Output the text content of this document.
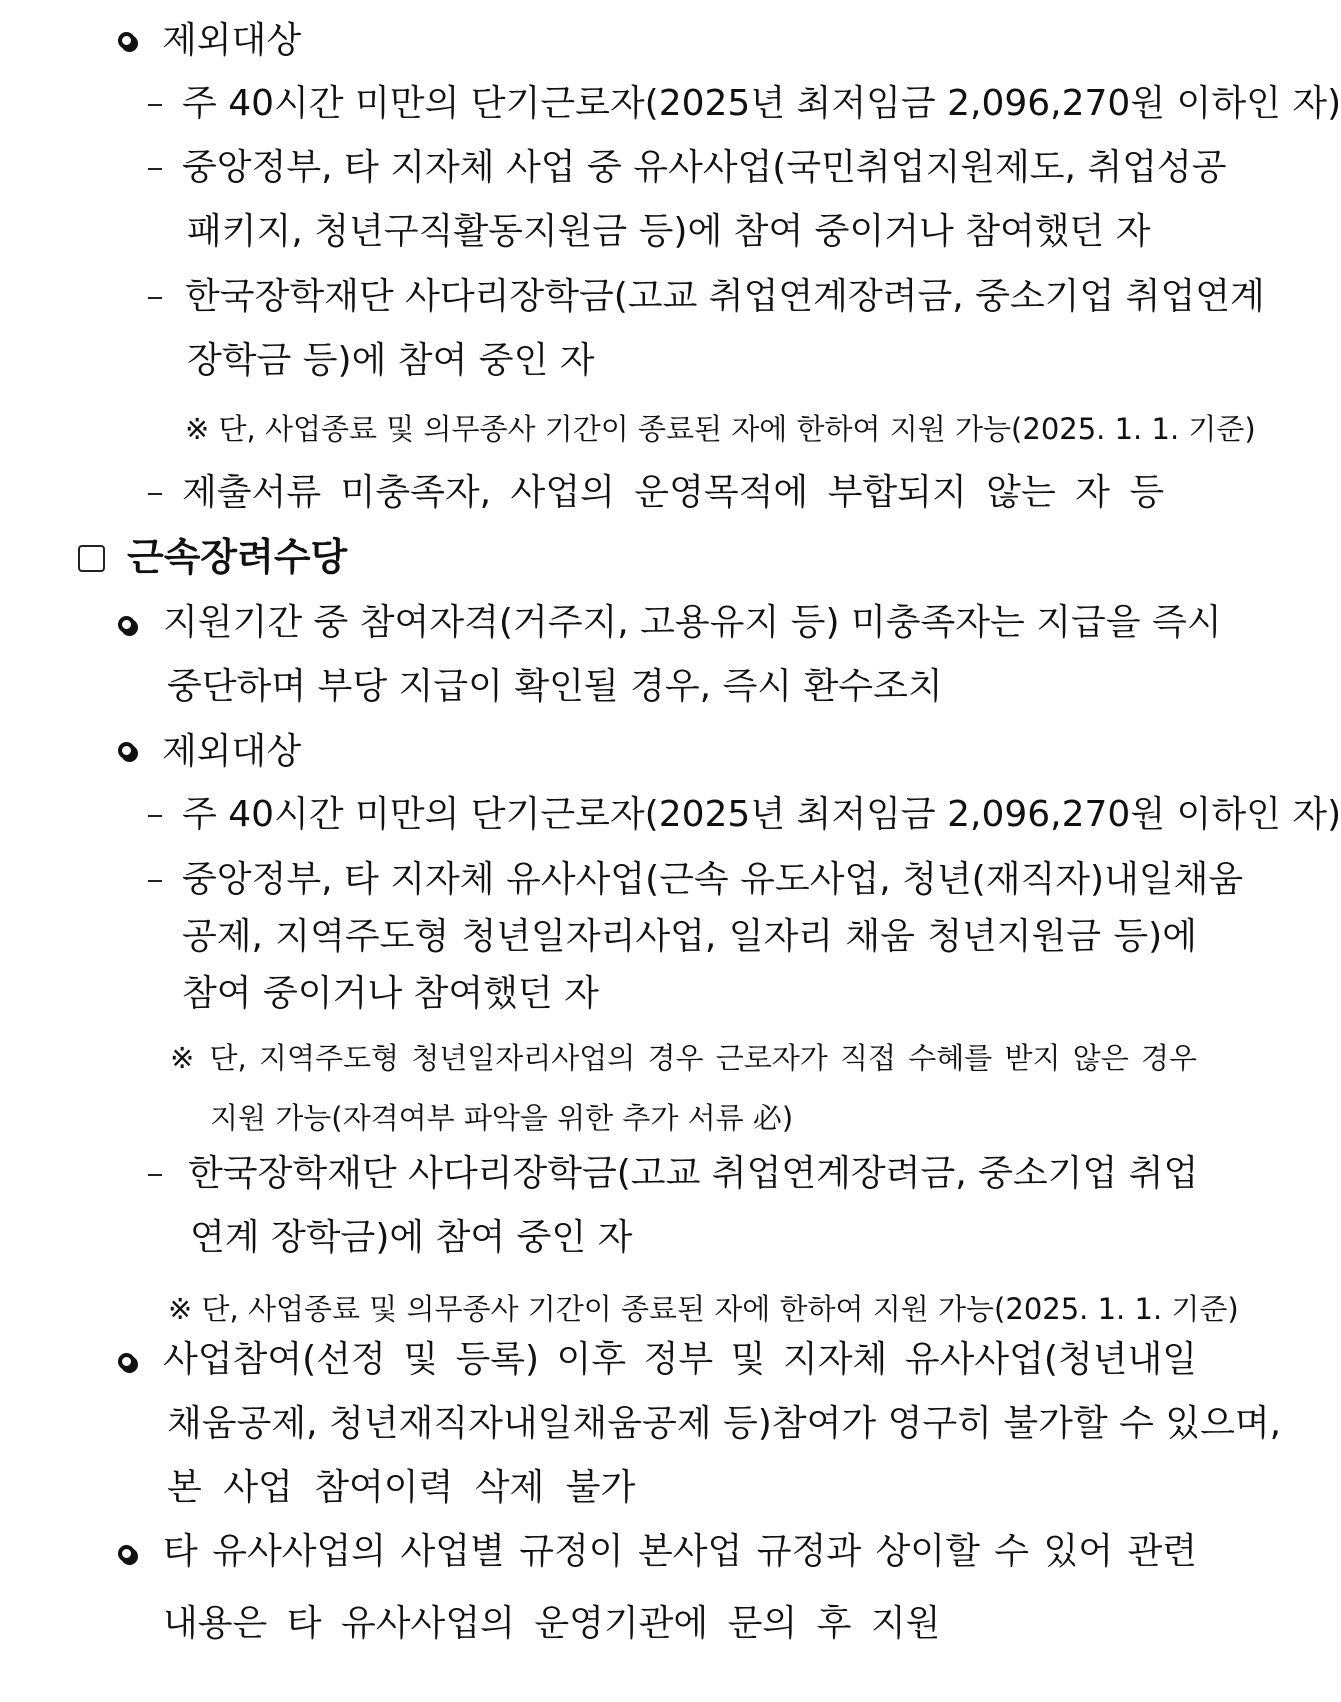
제외대상
주 40시간 미만의 단기근로자(2025년 최저임금 2,096,270원 이하인 자)
중앙정부, 타 지자체 사업 중 유사사업(국민취업지원제도, 취업성공
패키지, 청년구직활동지원금 등)에 참여 중이거나 참여했던 자
한국장학재단 사다리장학금(고교 취업연계장려금, 중소기업 취업연계
장학금 등)에 참여 중인 자
※ 단, 사업종료 및 의무종사 기간이 종료된 자에 한하여 지원 가능(2025. 1. 1. 기준)
제출서류 미충족자, 사업의 운영목적에 부합되지 않는 자 등
근속장려수당
지원기간 중 참여자격(거주지, 고용유지 등) 미충족자는 지급을 즉시
중단하며 부당 지급이 확인될 경우, 즉시 환수조치
제외대상
주 40시간 미만의 단기근로자(2025년 최저임금 2,096,270원 이하인 자)
중앙정부, 타 지자체 유사사업(근속 유도사업, 청년(재직자)내일채움
공제, 지역주도형 청년일자리사업, 일자리 채움 청년지원금 등)에
참여 중이거나 참여했던 자
※ 단, 지역주도형 청년일자리사업의 경우 근로자가 직접 수혜를 받지 않은 경우
지원 가능(자격여부 파악을 위한 추가 서류 必)
한국장학재단 사다리장학금(고교 취업연계장려금, 중소기업 취업
연계 장학금)에 참여 중인 자
※ 단, 사업종료 및 의무종사 기간이 종료된 자에 한하여 지원 가능(2025. 1. 1. 기준)
사업참여(선정 및 등록) 이후 정부 및 지자체 유사사업(청년내일
채움공제, 청년재직자내일채움공제 등)참여가 영구히 불가할 수 있으며,
본 사업 참여이력 삭제 불가
타 유사사업의 사업별 규정이 본사업 규정과 상이할 수 있어 관련
내용은 타 유사사업의 운영기관에 문의 후 지원
